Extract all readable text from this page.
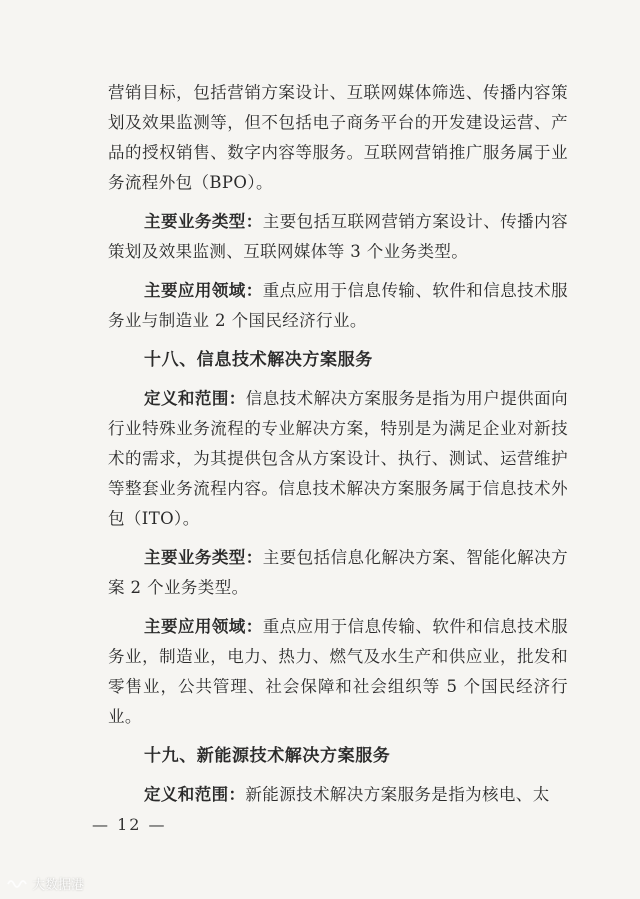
营销目标，包括营销方案设计、互联网媒体筛选、传播内容策划及效果监测等，但不包括电子商务平台的开发建设运营、产品的授权销售、数字内容等服务。互联网营销推广服务属于业务流程外包（BPO）。

主要业务类型：主要包括互联网营销方案设计、传播内容策划及效果监测、互联网媒体等 3 个业务类型。

主要应用领域：重点应用于信息传输、软件和信息技术服务业与制造业 2 个国民经济行业。

十八、信息技术解决方案服务

定义和范围：信息技术解决方案服务是指为用户提供面向行业特殊业务流程的专业解决方案，特别是为满足企业对新技术的需求，为其提供包含从方案设计、执行、测试、运营维护等整套业务流程内容。信息技术解决方案服务属于信息技术外包（ITO）。

主要业务类型：主要包括信息化解决方案、智能化解决方案 2 个业务类型。

主要应用领域：重点应用于信息传输、软件和信息技术服务业，制造业，电力、热力、燃气及水生产和供应业，批发和零售业，公共管理、社会保障和社会组织等 5 个国民经济行业。

十九、新能源技术解决方案服务

定义和范围：新能源技术解决方案服务是指为核电、太

— 12 —
大数据港
